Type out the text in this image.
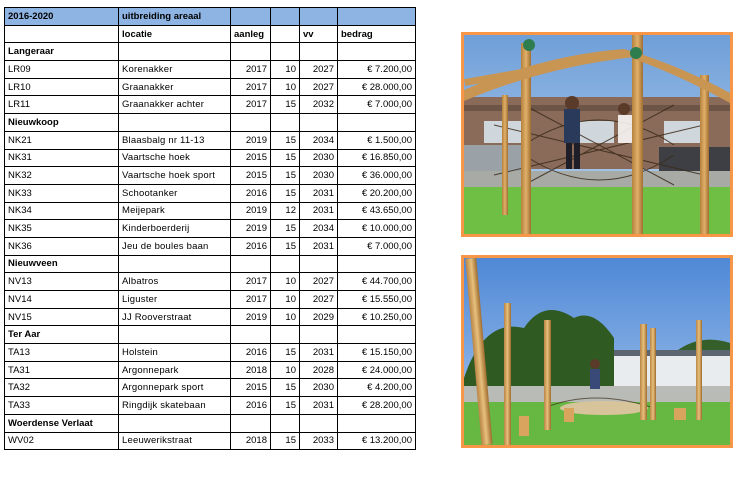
2016-2020	uitbreiding areaal				
	locatie	aanleg		vv	bedrag
Langeraar					
LR09	Korenakker	2017	10	2027	€ 7.200,00
LR10	Graanakker	2017	10	2027	€ 28.000,00
LR11	Graanakker achter	2017	15	2032	€ 7.000,00
Nieuwkoop					
NK21	Blaasbalg nr 11-13	2019	15	2034	€ 1.500,00
NK31	Vaartsche hoek	2015	15	2030	€ 16.850,00
NK32	Vaartsche hoek sport	2015	15	2030	€ 36.000,00
NK33	Schootanker	2016	15	2031	€ 20.200,00
NK34	Meijepark	2019	12	2031	€ 43.650,00
NK35	Kinderboerderij	2019	15	2034	€ 10.000,00
NK36	Jeu de boules baan	2016	15	2031	€ 7.000,00
Nieuwveen					
NV13	Albatros	2017	10	2027	€ 44.700,00
NV14	Liguster	2017	10	2027	€ 15.550,00
NV15	JJ Rooverstraat	2019	10	2029	€ 10.250,00
Ter Aar					
TA13	Holstein	2016	15	2031	€ 15.150,00
TA31	Argonnepark	2018	10	2028	€ 24.000,00
TA32	Argonnepark sport	2015	15	2030	€ 4.200,00
TA33	Ringdijk skatebaan	2016	15	2031	€ 28.200,00
Woerdense Verlaat					
WV02	Leeuwerikstraat	2018	15	2033	€ 13.200,00
